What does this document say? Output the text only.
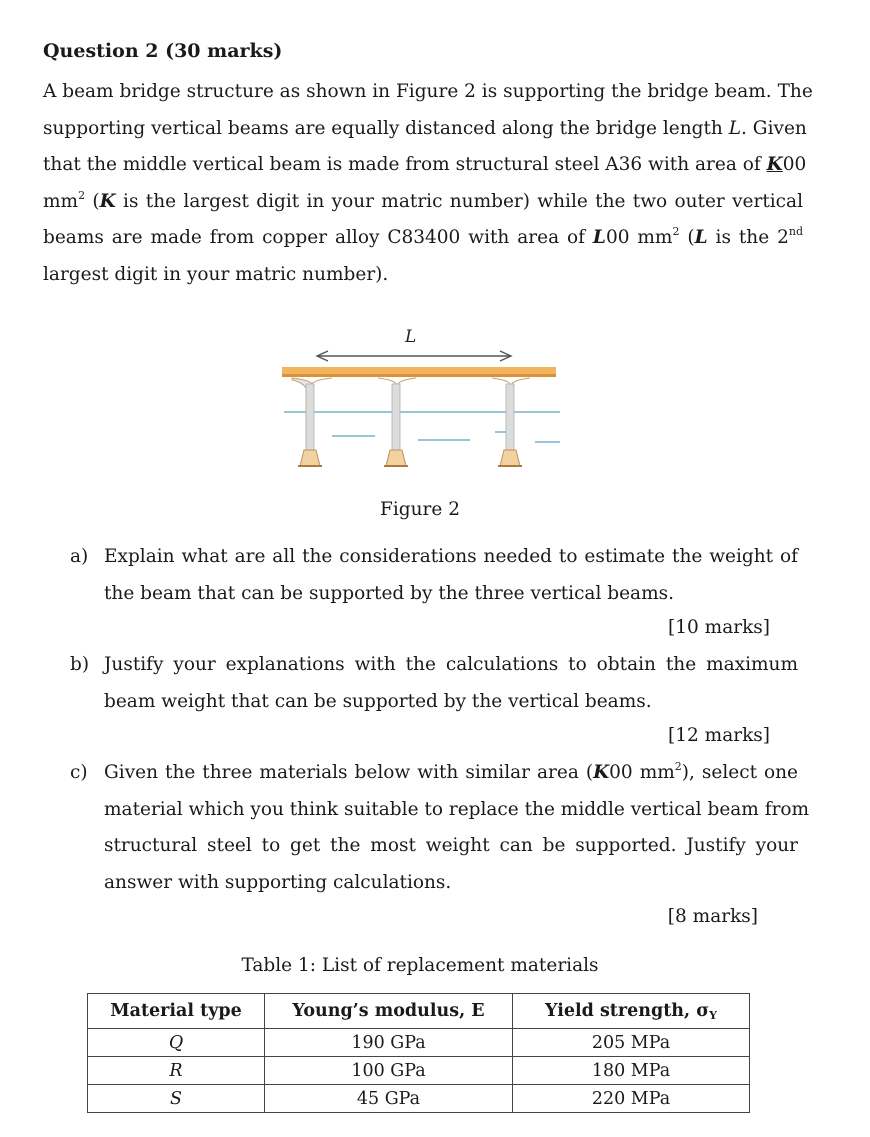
Question 2 (30 marks)
A beam bridge structure as shown in Figure 2 is supporting the bridge beam. The
supporting vertical beams are equally distanced along the bridge length L. Given
that the middle vertical beam is made from structural steel A36 with area of K00
$mm^2$ (K is the largest digit in your matric number) while the two outer vertical
beams are made from copper alloy C83400 with area of L00 $mm^2$ (L is the 2nd
largest digit in your matric number).
L
Figure 2
a) Explain what are all the considerations needed to estimate the weight of
the beam that can be supported by the three vertical beams.
[10 marks]
b) Justify your explanations with the calculations to obtain the maximum
beam weight that can be supported by the vertical beams.
[12 marks]
c) Given the three materials below with similar area (K00 $mm^2$), select one
material which you think suitable to replace the middle vertical beam from
structural steel to get the most weight can be supported. Justify your
answer with supporting calculations.
[8 marks]
Table 1: List of replacement materials
Material type	Young’s modulus, E	Yield strength, σY
Q	190 GPa	205 MPa
R	100 GPa	180 MPa
S	45 GPa	220 MPa
